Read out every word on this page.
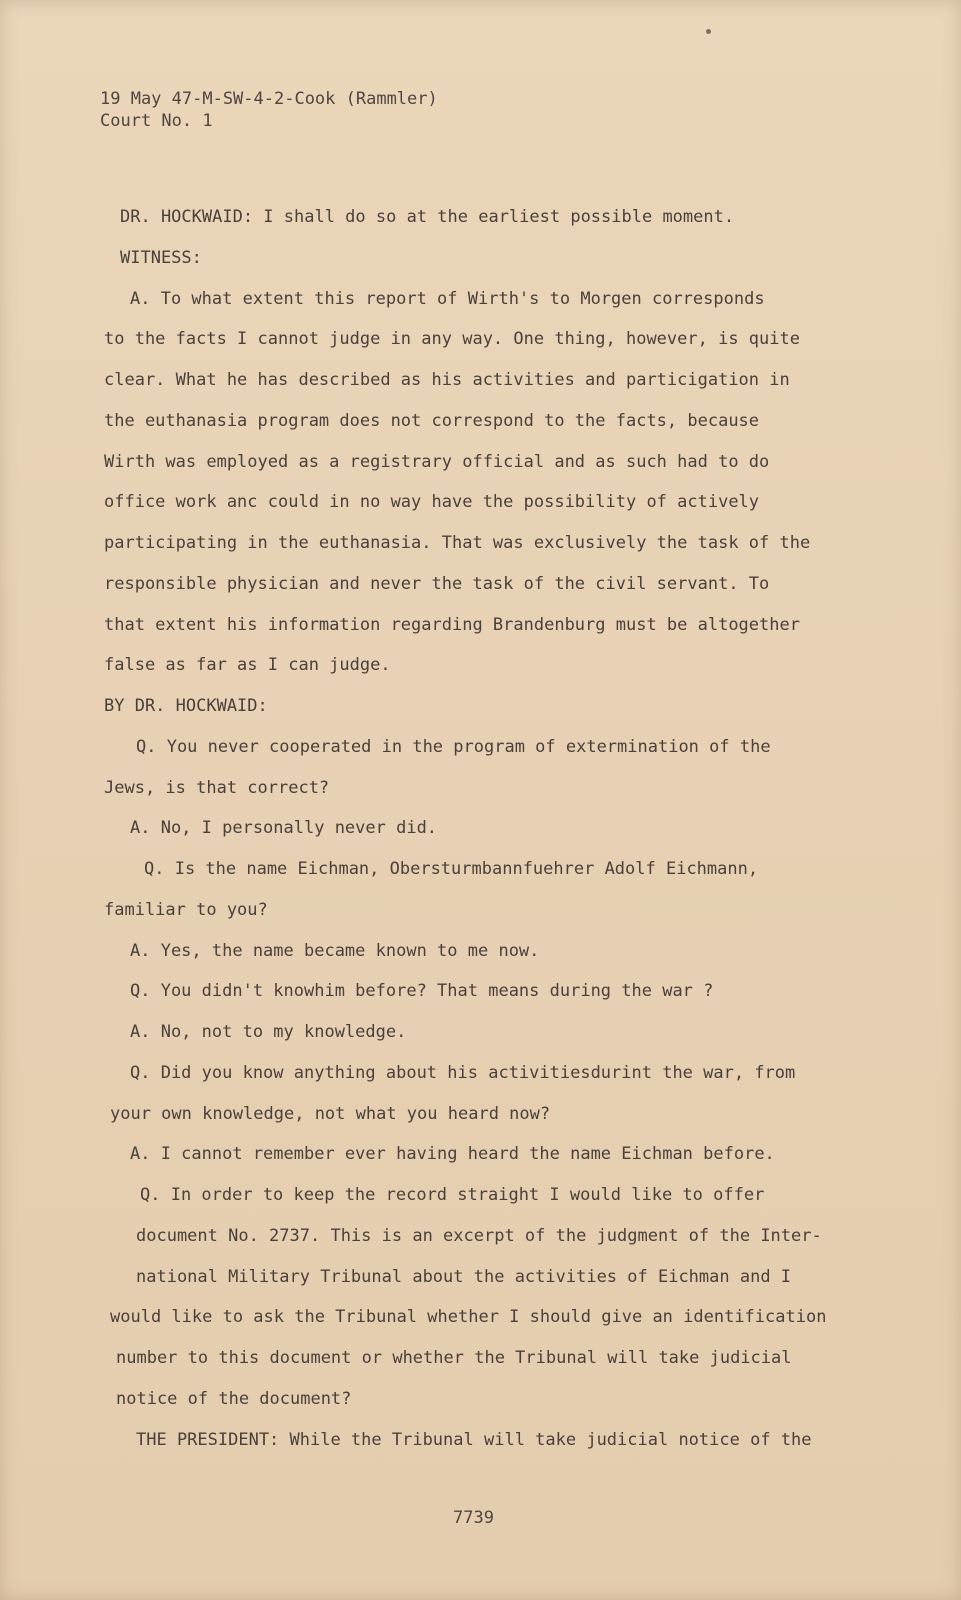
19 May 47-M-SW-4-2-Cook (Rammler)
Court No. 1
DR. HOCKWAID: I shall do so at the earliest possible moment.
WITNESS:
A. To what extent this report of Wirth's to Morgen corresponds
to the facts I cannot judge in any way. One thing, however, is quite
clear. What he has described as his activities and particigation in
the euthanasia program does not correspond to the facts, because
Wirth was employed as a registrary official and as such had to do
office work anc could in no way have the possibility of actively
participating in the euthanasia. That was exclusively the task of the
responsible physician and never the task of the civil servant. To
that extent his information regarding Brandenburg must be altogether
false as far as I can judge.
BY DR. HOCKWAID:
Q. You never cooperated in the program of extermination of the
Jews, is that correct?
A. No, I personally never did.
Q. Is the name Eichman, Obersturmbannfuehrer Adolf Eichmann,
familiar to you?
A. Yes, the name became known to me now.
Q. You didn't knowhim before? That means during the war ?
A. No, not to my knowledge.
Q. Did you know anything about his activitiesdurint the war, from
your own knowledge, not what you heard now?
A. I cannot remember ever having heard the name Eichman before.
Q. In order to keep the record straight I would like to offer
document No. 2737. This is an excerpt of the judgment of the Inter-
national Military Tribunal about the activities of Eichman and I
would like to ask the Tribunal whether I should give an identification
number to this document or whether the Tribunal will take judicial
notice of the document?
THE PRESIDENT: While the Tribunal will take judicial notice of the
7739
